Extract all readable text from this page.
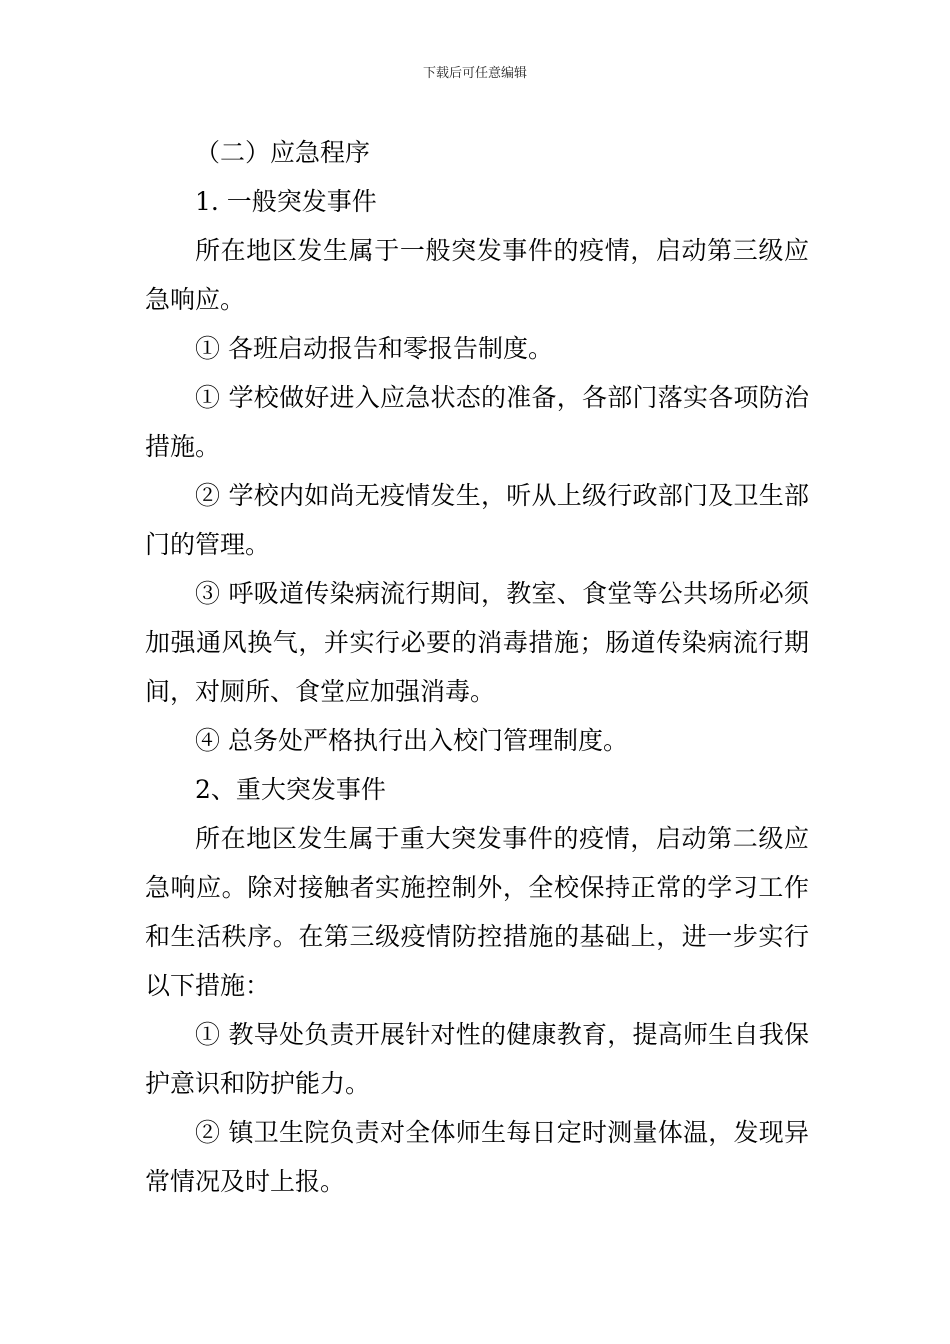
下载后可任意编辑

（二）应急程序

1. 一般突发事件

所在地区发生属于一般突发事件的疫情，启动第三级应急响应。

① 各班启动报告和零报告制度。

① 学校做好进入应急状态的准备，各部门落实各项防治措施。

② 学校内如尚无疫情发生，听从上级行政部门及卫生部门的管理。

③ 呼吸道传染病流行期间，教室、食堂等公共场所必须加强通风换气，并实行必要的消毒措施；肠道传染病流行期间，对厕所、食堂应加强消毒。

④ 总务处严格执行出入校门管理制度。

2、重大突发事件

所在地区发生属于重大突发事件的疫情，启动第二级应急响应。除对接触者实施控制外，全校保持正常的学习工作和生活秩序。在第三级疫情防控措施的基础上，进一步实行以下措施：

① 教导处负责开展针对性的健康教育，提高师生自我保护意识和防护能力。

② 镇卫生院负责对全体师生每日定时测量体温，发现异常情况及时上报。
